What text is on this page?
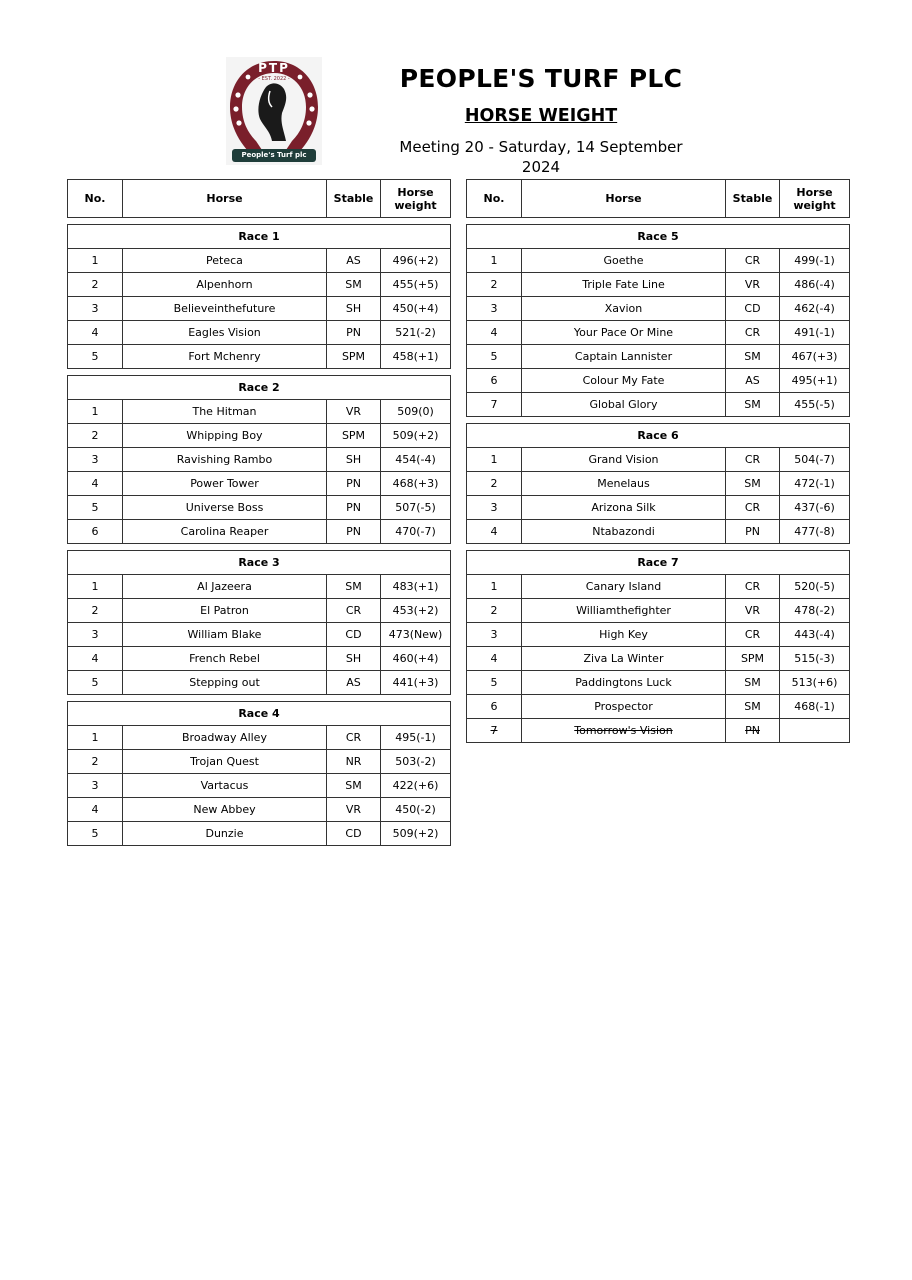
PTP
- EST. 2022 -
People's Turf plc
PEOPLE'S TURF PLC
HORSE WEIGHT
Meeting 20 - Saturday, 14 September 2024
No.	Horse	Stable	Horse
weight

Race 1			
1	Peteca	AS	496(+2)
2	Alpenhorn	SM	455(+5)
3	Believeinthefuture	SH	450(+4)
4	Eagles Vision	PN	521(-2)
5	Fort Mchenry	SPM	458(+1)

Race 2			
1	The Hitman	VR	509(0)
2	Whipping Boy	SPM	509(+2)
3	Ravishing Rambo	SH	454(-4)
4	Power Tower	PN	468(+3)
5	Universe Boss	PN	507(-5)
6	Carolina Reaper	PN	470(-7)

Race 3			
1	Al Jazeera	SM	483(+1)
2	El Patron	CR	453(+2)
3	William Blake	CD	473(New)
4	French Rebel	SH	460(+4)
5	Stepping out	AS	441(+3)

Race 4			
1	Broadway Alley	CR	495(-1)
2	Trojan Quest	NR	503(-2)
3	Vartacus	SM	422(+6)
4	New Abbey	VR	450(-2)
5	Dunzie	CD	509(+2)
No.	Horse	Stable	Horse
weight

Race 5			
1	Goethe	CR	499(-1)
2	Triple Fate Line	VR	486(-4)
3	Xavion	CD	462(-4)
4	Your Pace Or Mine	CR	491(-1)
5	Captain Lannister	SM	467(+3)
6	Colour My Fate	AS	495(+1)
7	Global Glory	SM	455(-5)

Race 6			
1	Grand Vision	CR	504(-7)
2	Menelaus	SM	472(-1)
3	Arizona Silk	CR	437(-6)
4	Ntabazondi	PN	477(-8)

Race 7			
1	Canary Island	CR	520(-5)
2	Williamthefighter	VR	478(-2)
3	High Key	CR	443(-4)
4	Ziva La Winter	SPM	515(-3)
5	Paddingtons Luck	SM	513(+6)
6	Prospector	SM	468(-1)
7	Tomorrow's Vision	PN	
